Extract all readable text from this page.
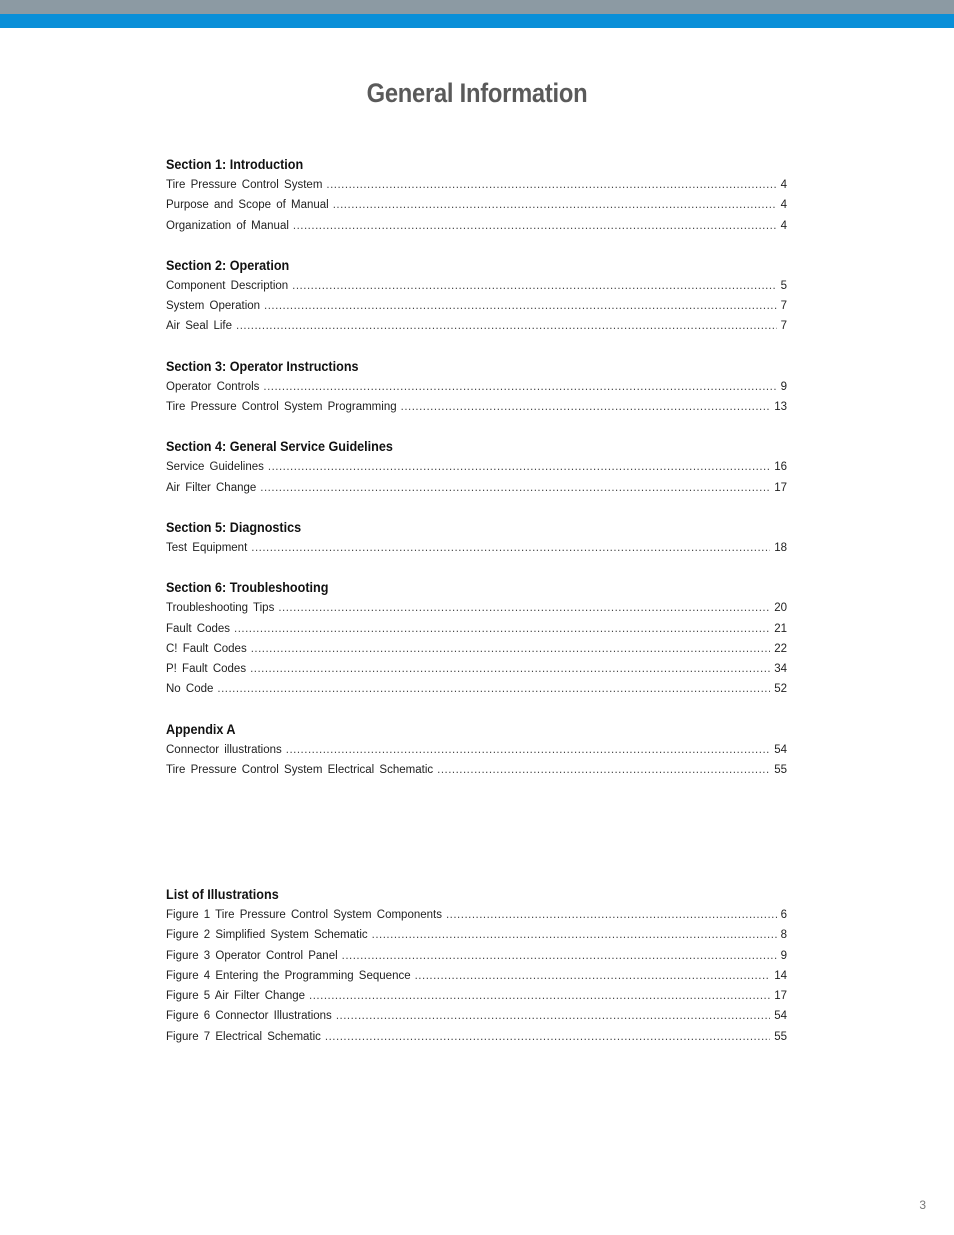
General Information
Section 1: Introduction
Tire Pressure Control System .....	4
Purpose and Scope of Manual .....	4
Organization of Manual .....	4
Section 2: Operation
Component Description .....	5
System Operation .....	7
Air Seal Life .....	7
Section 3: Operator Instructions
Operator Controls .....	9
Tire Pressure Control System Programming .....	13
Section 4: General Service Guidelines
Service Guidelines .....	16
Air Filter Change .....	17
Section 5: Diagnostics
Test Equipment .....	18
Section 6: Troubleshooting
Troubleshooting Tips .....	20
Fault Codes .....	21
C! Fault Codes .....	22
P! Fault Codes .....	34
No Code .....	52
Appendix A
Connector illustrations .....	54
Tire Pressure Control System Electrical Schematic .....	55
List of Illustrations
Figure 1 Tire Pressure Control System Components .....	6
Figure 2 Simplified System Schematic .....	8
Figure 3 Operator Control Panel .....	9
Figure 4 Entering the Programming Sequence .....	14
Figure 5 Air Filter Change .....	17
Figure 6 Connector Illustrations .....	54
Figure 7 Electrical Schematic .....	55
3
